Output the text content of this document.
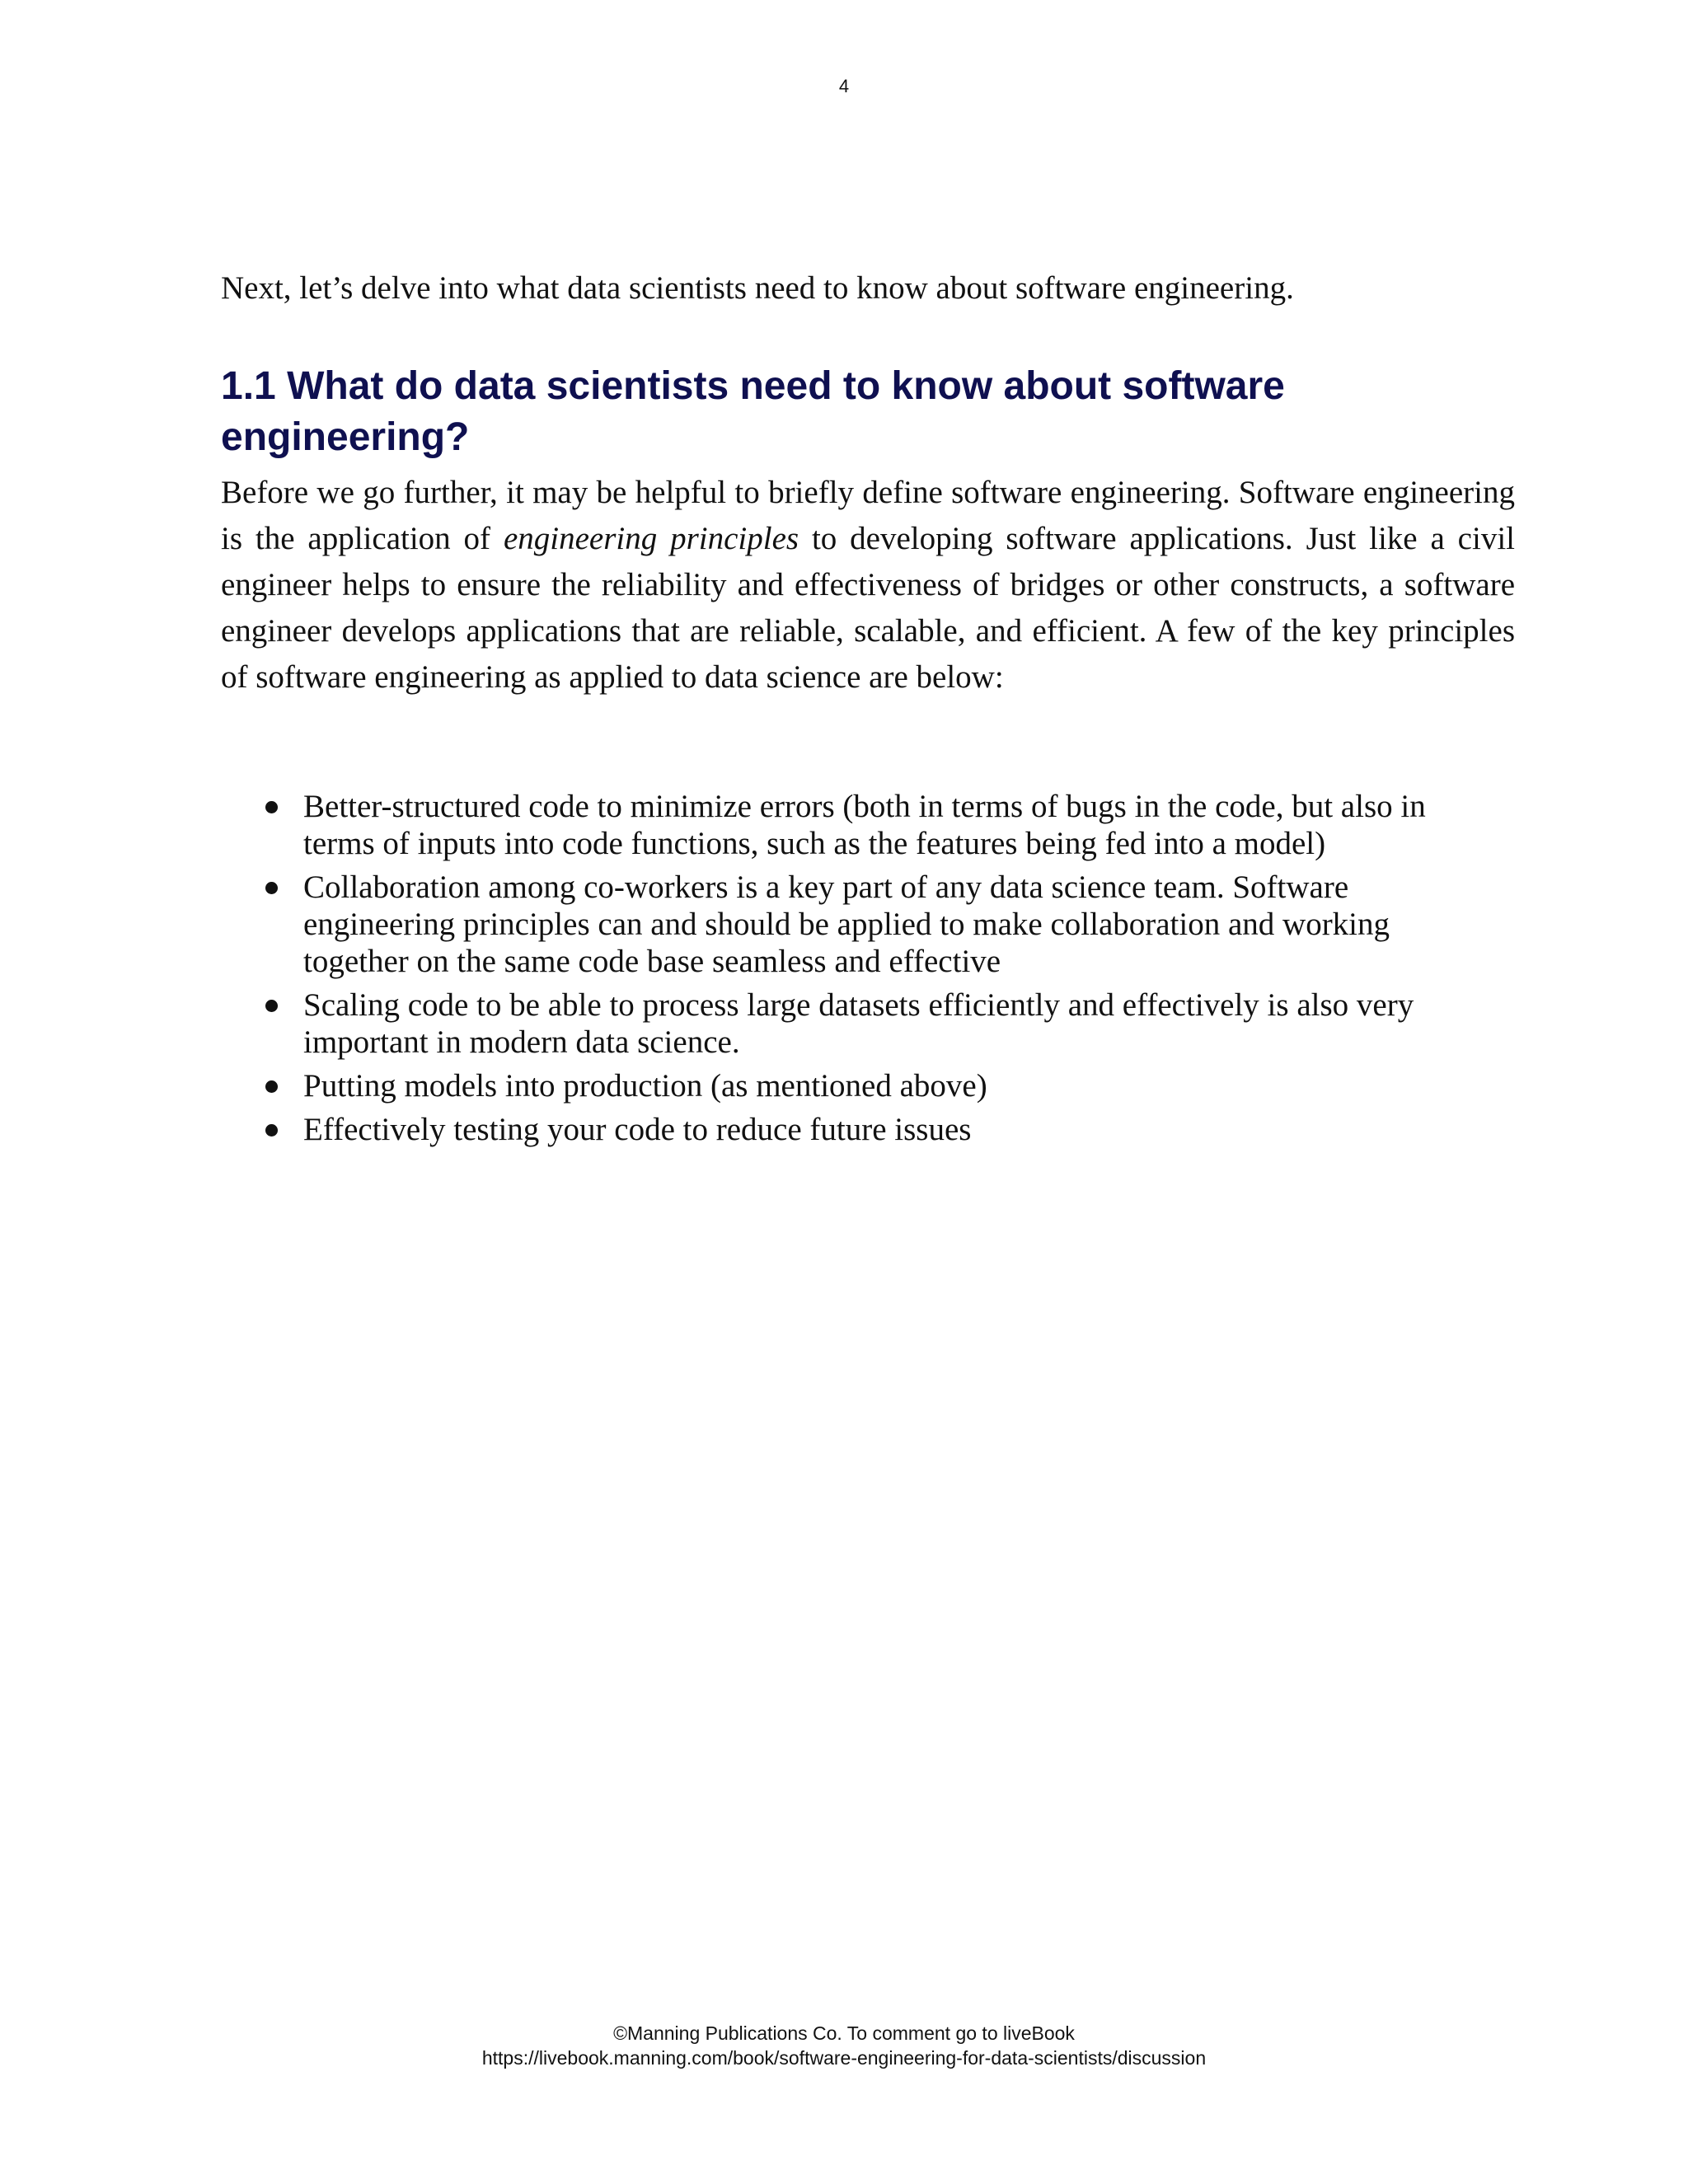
4

Next, let’s delve into what data scientists need to know about software engineering.

1.1 What do data scientists need to know about software engineering?

Before we go further, it may be helpful to briefly define software engineering. Software engineering is the application of engineering principles to developing software applications. Just like a civil engineer helps to ensure the reliability and effectiveness of bridges or other constructs, a software engineer develops applications that are reliable, scalable, and efficient. A few of the key principles of software engineering as applied to data science are below:

Better-structured code to minimize errors (both in terms of bugs in the code, but also in terms of inputs into code functions, such as the features being fed into a model)
Collaboration among co-workers is a key part of any data science team. Software engineering principles can and should be applied to make collaboration and working together on the same code base seamless and effective
Scaling code to be able to process large datasets efficiently and effectively is also very important in modern data science.
Putting models into production (as mentioned above)
Effectively testing your code to reduce future issues
©Manning Publications Co. To comment go to liveBook
https://livebook.manning.com/book/software-engineering-for-data-scientists/discussion
